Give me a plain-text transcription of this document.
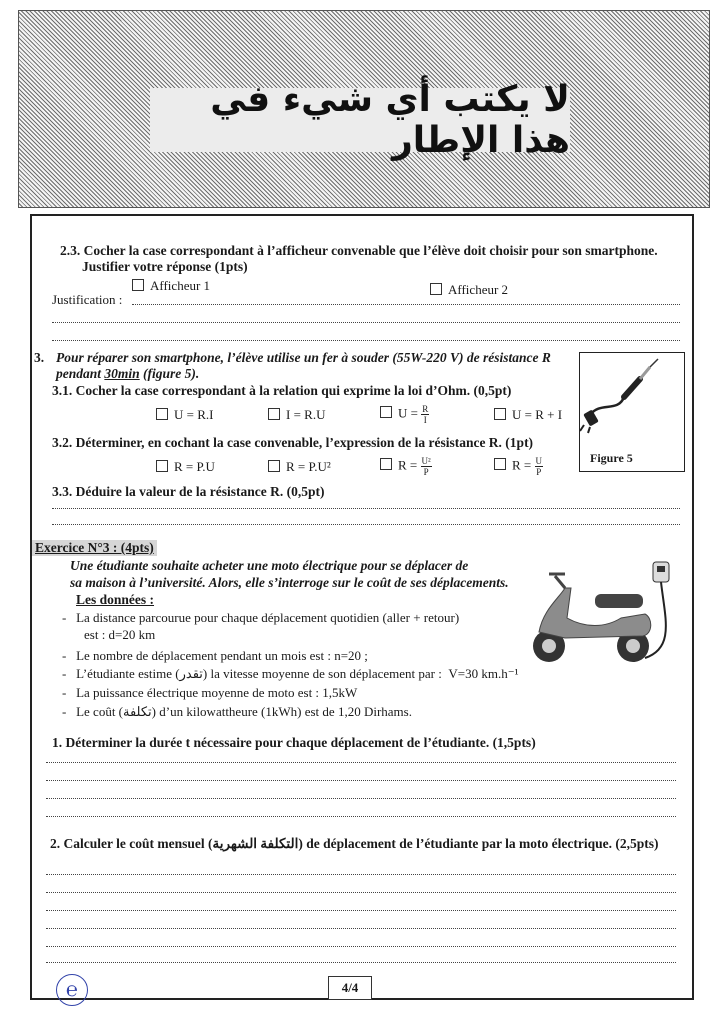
لا يكتب أي شيء في هذا الإطار
2.3. Cocher la case correspondant à l’afficheur convenable que l’élève doit choisir pour son smartphone.
Justifier votre réponse (1pts)
Afficheur 1	Afficheur 2
Justification :
3. Pour réparer son smartphone, l’élève utilise un fer à souder (55W-220 V) de résistance R
pendant 30min (figure 5).
3.1. Cocher la case correspondant à la relation qui exprime la loi d’Ohm. (0,5pt)
U = R.I	I = R.U	$U = \frac{R}{I}$	U = R + I
3.2. Déterminer, en cochant la case convenable, l’expression de la résistance R. (1pt)
R = P.U	R = P.U²	$R = \frac{\text{U²}}{P}$	$R = \frac{U}{P}$
3.3. Déduire la valeur de la résistance R. (0,5pt)
Figure 5
Exercice N°3 : (4pts)
Une étudiante souhaite acheter une moto électrique pour se déplacer de
sa maison à l’université. Alors, elle s’interroge sur le coût de ses déplacements.
Les données :
-   La distance parcourue pour chaque déplacement quotidien (aller + retour)
est : d=20 km
-   Le nombre de déplacement pendant un mois est : n=20 ;
-   L’étudiante estime (تقدر) la vitesse moyenne de son déplacement par : V=30 km.h⁻¹
-   La puissance électrique moyenne de moto est : 1,5kW
-   Le coût (تكلفة) d’un kilowattheure (1kWh) est de 1,20 Dirhams.
1. Déterminer la durée t nécessaire pour chaque déplacement de l’étudiante. (1,5pts)
2. Calculer le coût mensuel (التكلفة الشهرية) de déplacement de l’étudiante par la moto électrique. (2,5pts)
℮	4/4
